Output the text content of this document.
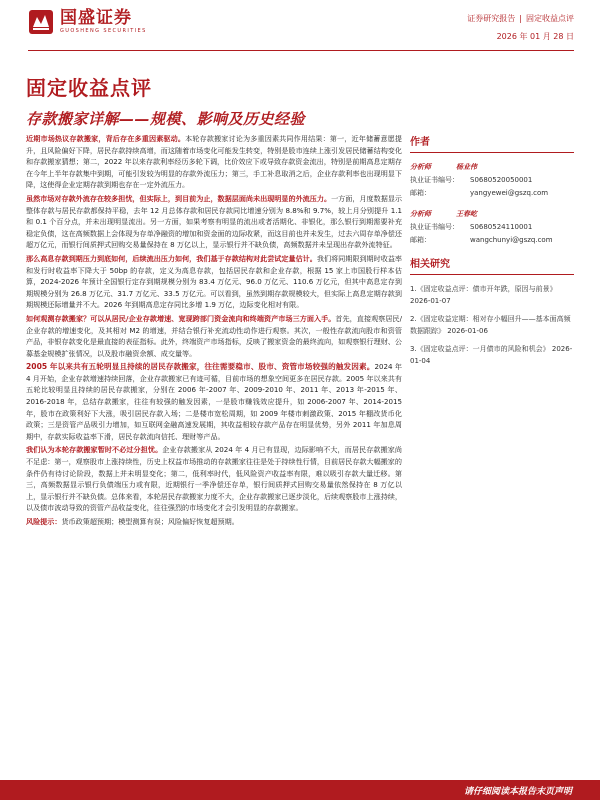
国盛证券
GUOSHENG SECURITIES
证券研究报告 | 固定收益点评
2026 年 01 月 28 日
固定收益点评
存款搬家详解——规模、影响及历史经验

近期市场热议存款搬家，背后存在多重因素驱动。本轮存款搬家讨论为多重因素共同作用结果：第一，近年储蓄意愿提升，且风险偏好下降，居民存款持续高增，而这随着市场变化可能发生转变，特别是股市连续上涨引发居民储蓄结构变化和存款搬家猜想；第二，2022 年以来存款利率经历多轮下调，比价效应下或导致存款资金流出，特别是前期高息定期存在今年上半年存款集中到期，可能引发较为明显的存款外流压力；第三，手工补息取消之后，企业存款利率也出现明显下降，这使得企业定期存款到期也存在一定外流压力。

虽然市场对存款外流存在较多担忧，但实际上，到目前为止，数据层面尚未出现明显的外流压力。一方面，月度数据显示整体存款与居民存款都保持平稳，去年 12 月总体存款和居民存款同比增速分别为 8.8%和 9.7%，较上月分别提升 1.1 和 0.1 个百分点，并未出现明显流出。另一方面，如果考察有明显的流出或者活期化、非银化，那么银行到期需要补充稳定负债，这在高频数据上会体现为存单净融资的增加和资金面的边际收紧，而这目前也并未发生，过去六周存单净偿还超万亿元，而银行间质押式回购交易量保持在 8 万亿以上，显示银行并不缺负债，高频数据并未呈现出存款外流特征。

那么高息存款到期压力到底如何，后续流出压力如何，我们基于存款结构对此尝试定量估计。我们将同期限到期时收益率和发行时收益率下降大于 50bp 的存款，定义为高息存款，包括居民存款和企业存款，根据 15 家上市国股行样本估算，2024-2026 年预计全国银行定存到期规模分别为 83.4 万亿元、96.0 万亿元、110.6 万亿元，但其中高息定存到期规模分别为 26.8 万亿元、31.7 万亿元、33.5 万亿元。可以看到，虽然到期存款规模较大，但实际上高息定期存款到期规模还际增量并不大。2026 年到期高息定存同比多增 1.9 万亿，边际变化相对有限。

如何观测存款搬家？可以从居民/企业存款增速、宽现跨部门资金流向和终端资产市场三方面入手。首先，直接观察居民/企业存款的增速变化，及其相对 M2 的增速，并结合银行补充流动性动作进行观察。其次，一般性存款流向股市和资管产品，非银存款变化是最直接的表征指标。此外，终端资产市场指标，反映了搬家资金的最终流向，如观察银行理财、公募基金规模扩张情况，以及股市融资余额、成交量等。

2005 年以来共有五轮明显且持续的居民存款搬家，往往需要稳市、股市、资管市场较强的触发因素。2024 年 4 月开始，企业存款增速持续回落，企业存款搬家已有迹可循，目前市场的想象空间更多在居民存款。2005 年以来共有五轮比较明显且持续的居民存款搬家，分别在 2006 年-2007 年、2009-2010 年、2011 年、2013 年-2015 年、2016-2018 年，总结存款搬家，往往有较强的触发因素，一是股市赚钱效应提升，如 2006-2007 年、2014-2015 年，股市在政策利好下大涨，吸引居民存款入场；二是楼市宽松周期，如 2009 年楼市刺激政策、2015 年棚改货币化政策；三是资管产品吸引力增加，如互联网金融高速发展期，其收益相较存款产品存在明显优势，另外 2011 年加息周期中，存款实际收益率下滑，居民存款流向信托、理财等产品。

我们认为本轮存款搬家暂时不必过分担忧。企业存款搬家从 2024 年 4 月已有显现，边际影响不大，而居民存款搬家尚不足虑：第一，观察股市上涨持续性，历史上权益市场推动的存款搬家往往是处于持续性行情，目前居民存款大幅搬家的条件仍有待讨论阶段，数据上并未明显变化；第二，低利率时代，低风险资产收益率有限，难以吸引存款大量迁移。第三，高频数据显示银行负债端压力或有限，近期银行一季净偿还存单，银行间质押式回购交易量依然保持在 8 万亿以上，显示银行并不缺负债。总体来看，本轮居民存款搬家力度不大，企业存款搬家已逐步淡化，后续观察股市上涨持续，以及债市波动导致的资管产品收益变化，往往强烈的市场变化才会引发明显的存款搬家。

风险提示：货币政策超预期；模型测算有误；风险偏好恢复超预期。

作者
分析师	杨业伟
执业证书编号： S0680520050001
邮箱：	yangyewei@gszq.com
分析师	王春屹
执业证书编号： S0680524110001
邮箱：	wangchunyi@gszq.com
相关研究
1.《固定收益点评：债市开年跌，原因与前景》 2026-01-07
2.《固定收益定期：相对存小幅回升——基本面高频数据跟踪》 2026-01-06
3.《固定收益点评：一月债市的风险和机会》 2026-01-04
请仔细阅读本报告末页声明
